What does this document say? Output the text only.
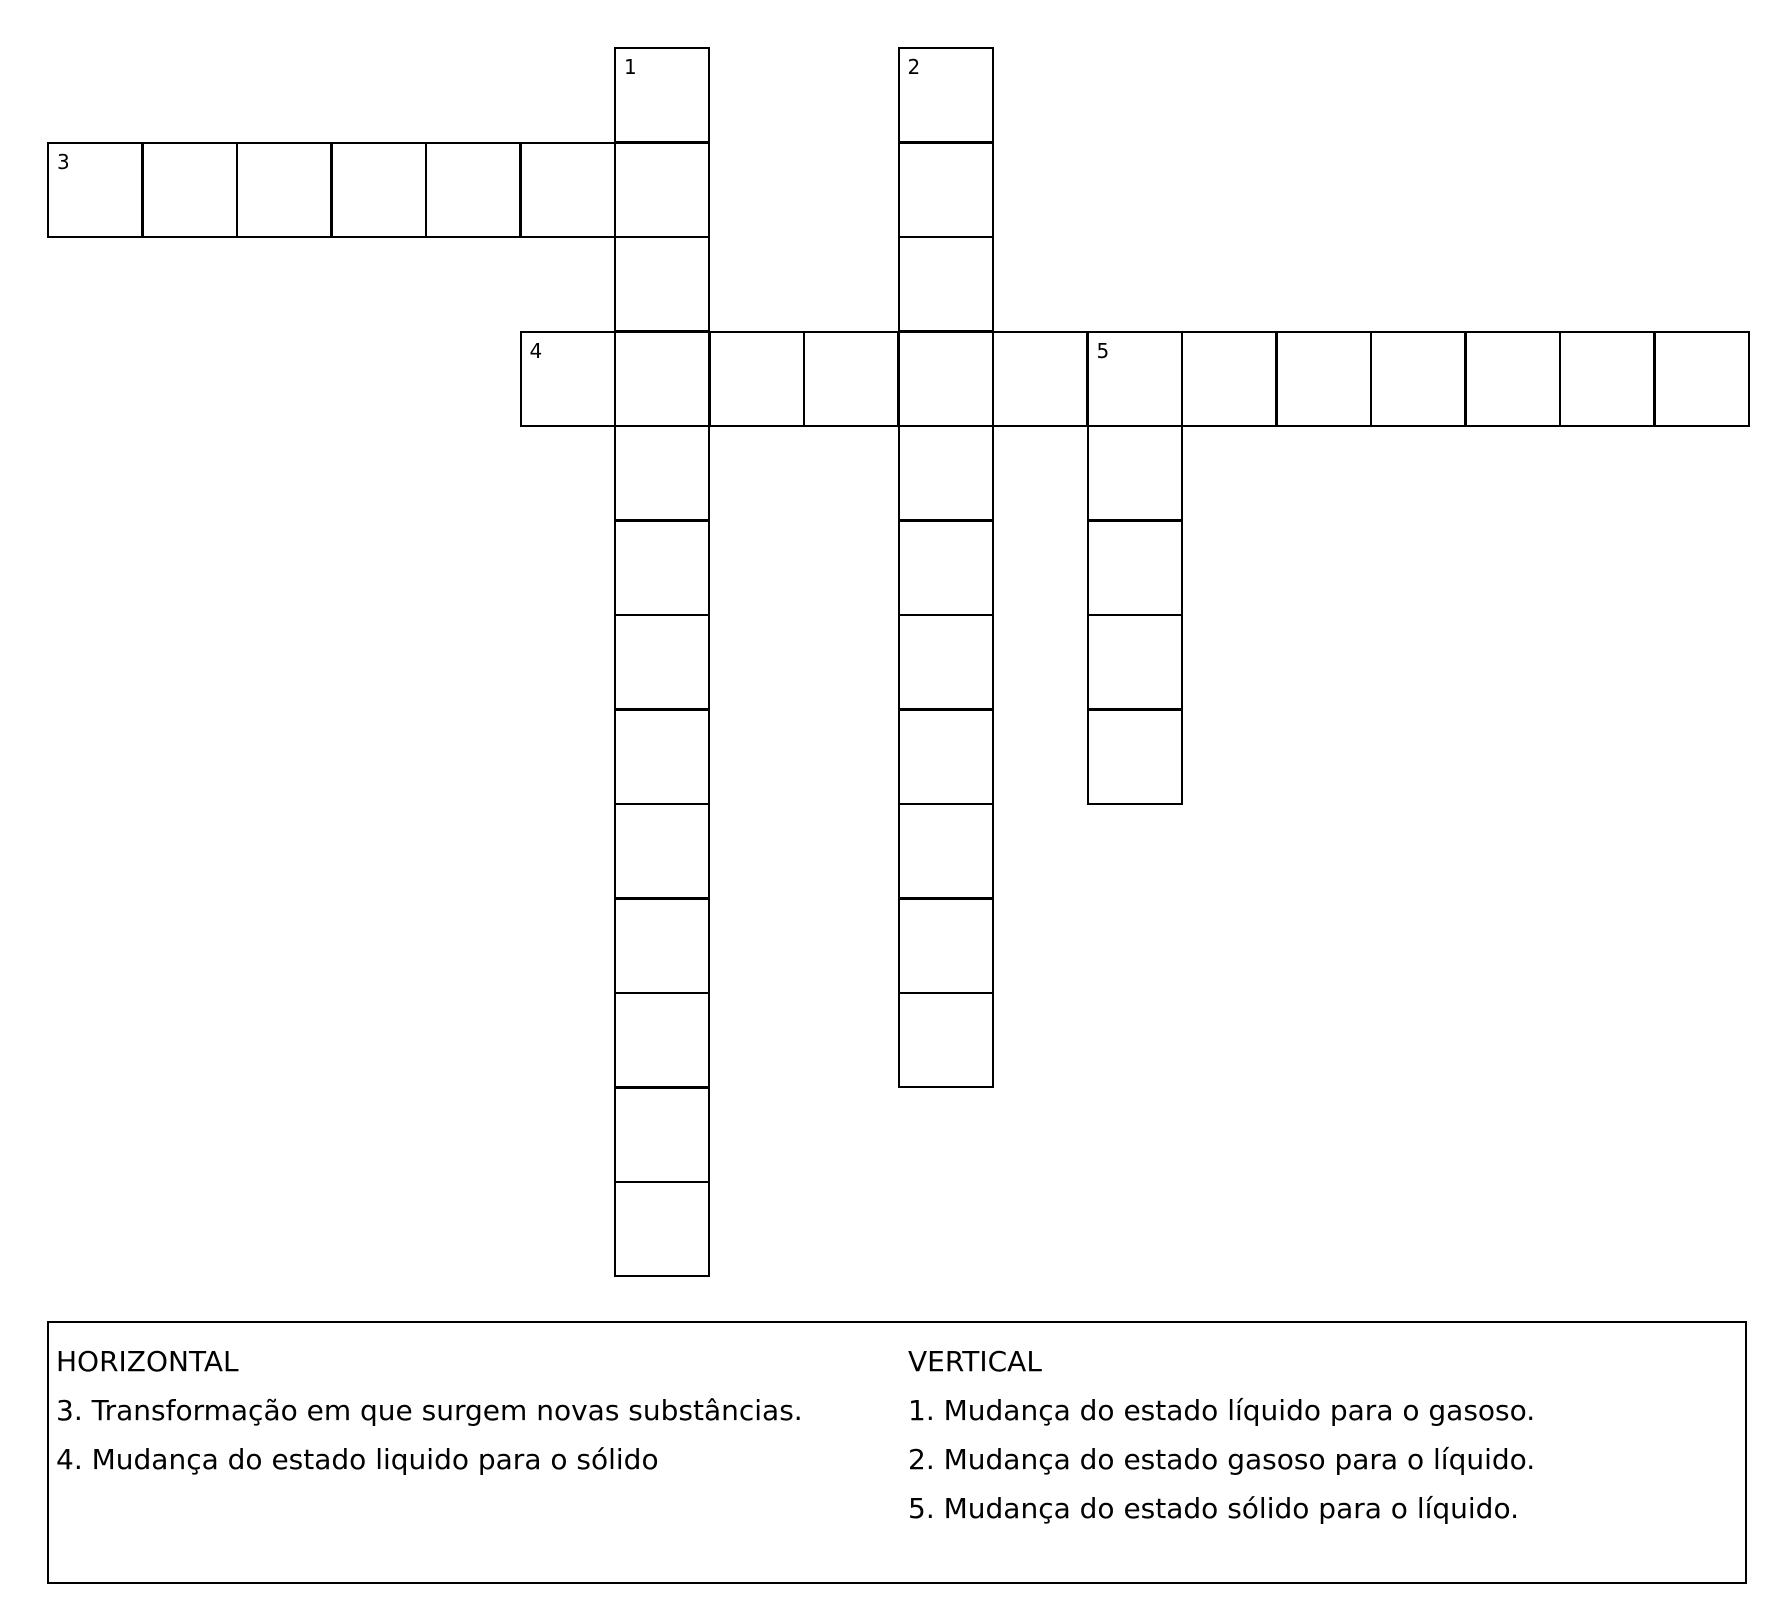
3
4	5
1	2
HORIZONTAL
3. Transformação em que surgem novas substâncias.
4. Mudança do estado liquido para o sólido
VERTICAL
1. Mudança do estado líquido para o gasoso.
2. Mudança do estado gasoso para o líquido.
5. Mudança do estado sólido para o líquido.
